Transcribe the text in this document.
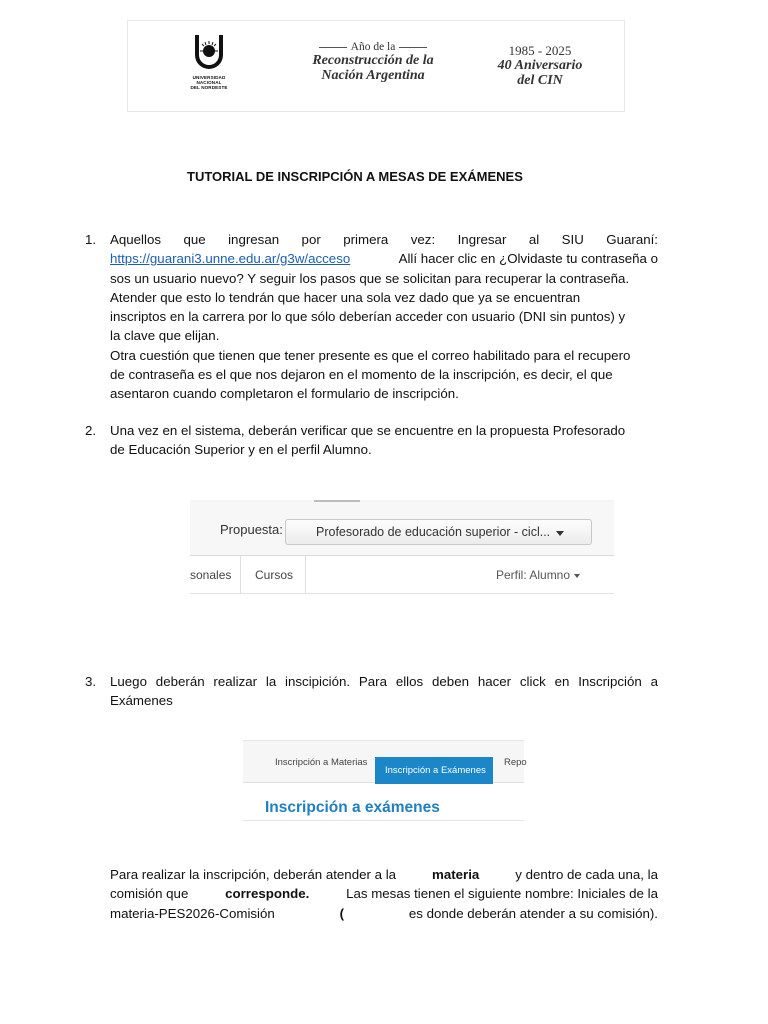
UNIVERSIDAD
NACIONAL
DEL NORDESTE
Año de la
Reconstrucción de la
Nación Argentina
1985 - 2025
40 Aniversario
del CIN
TUTORIAL DE INSCRIPCIÓN A MESAS DE EXÁMENES
1. Aquellos que ingresan por primera vez: Ingresar al SIU Guaraní:
https://guarani3.unne.edu.ar/g3w/acceso	Allí hacer clic en ¿Olvidaste tu contraseña o
sos un usuario nuevo? Y seguir los pasos que se solicitan para recuperar la contraseña.
Atender que esto lo tendrán que hacer una sola vez dado que ya se encuentran
inscriptos en la carrera por lo que sólo deberían acceder con usuario (DNI sin puntos) y
la clave que elijan.
Otra cuestión que tienen que tener presente es que el correo habilitado para el recupero
de contraseña es el que nos dejaron en el momento de la inscripción, es decir, el que
asentaron cuando completaron el formulario de inscripción.
2. Una vez en el sistema, deberán verificar que se encuentre en la propuesta Profesorado
de Educación Superior y en el perfil Alumno.
Propuesta:	Profesorado de educación superior - cicl...
sonales Cursos	Perfil: Alumno
3. Luego deberán realizar la inscipición. Para ellos deben hacer click en Inscripción a
Exámenes
Inscripción a Materias
Inscripción a Exámenes
Repo
Inscripción a exámenes
Para realizar la inscripción, deberán atender a la	materia	y dentro de cada una, la
comisión que	corresponde.	Las mesas tienen el siguiente nombre: Iniciales de la
materia-PES2026-Comisión	(	es donde deberán atender a su comisión).
